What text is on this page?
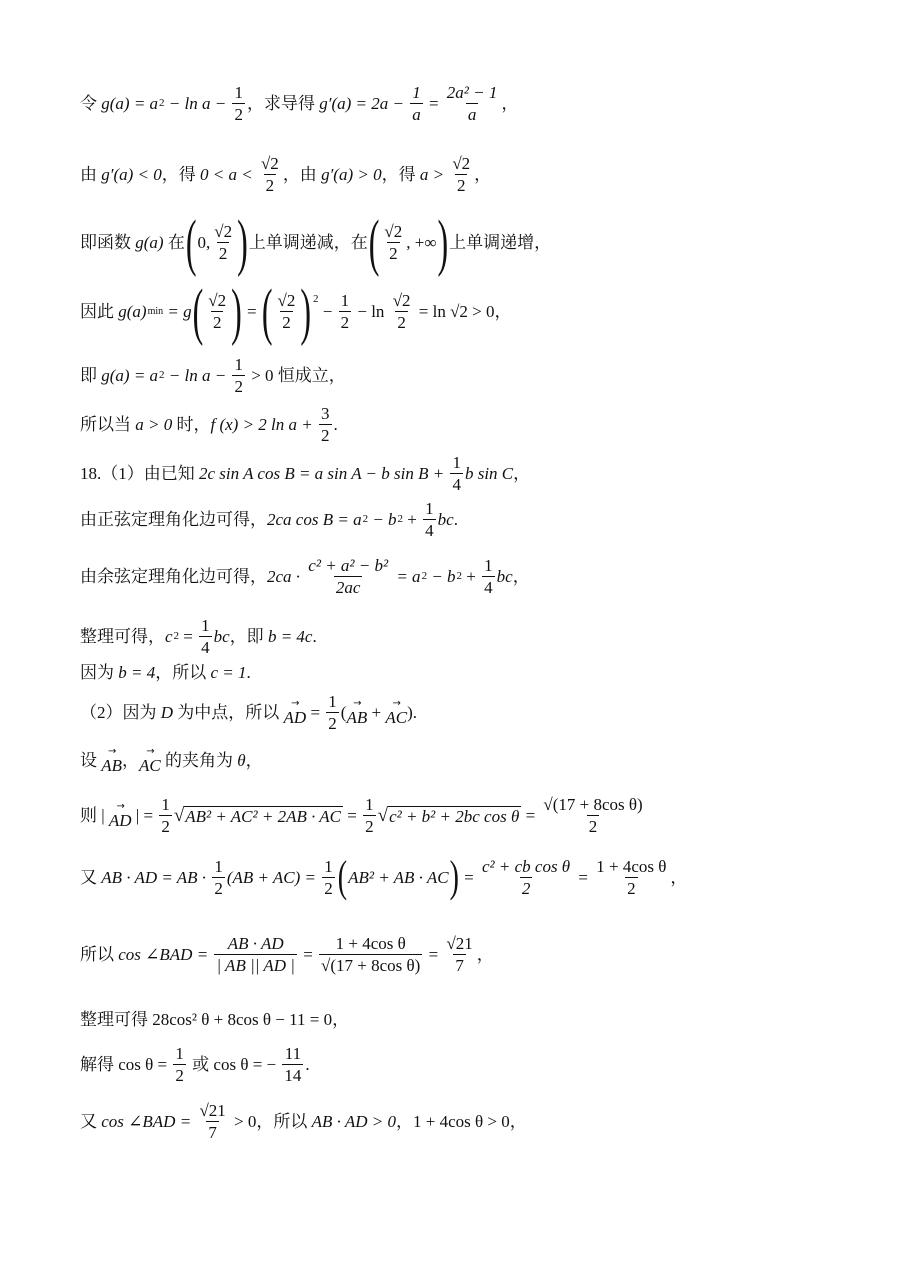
令 g(a) = a $2 - \ln a - \frac{1}{2}$ ，求导得 $g'(a) = 2a - \frac{1}{a} = \frac{\text{2a² − 1}}{a}$ ，
由 g′(a) < 0 ，得 $0 < a < \frac{√2}{2}$ ，由 g′(a) > 0 ，得 $a > \frac{√2}{2}$ ，
即函数 g(a) 在 ( 0, $\frac{√2}{2}$ ) 上单调递减，在 ( $\frac{√2}{2}$ , +∞ ) 上单调递增，
因此 g(a) min = g ( $\frac{√2}{2}$ ) = ( $\frac{√2}{2}$ ) 2
− $\frac{1}{2} - \ln \frac{√2}{2} = \ln √2 > 0$ ，
即 g(a) = a $2 - \ln a - \frac{1}{2} > 0$ 恒成立，
所以当 a > 0 时， f (x) > 2 $\ln a + \frac{3}{2}$ .
18.（1）由已知 2c sin A cos B = a sin A − b $\sin B + \frac{1}{4}$ b sin C ，
由正弦定理角化边可得， 2ca cos B = a 2 − b $2 + \frac{1}{4}$ bc .
由余弦定理角化边可得， $2ca \cdot \frac{\text{c² + a² − b²}}{2ac} = a$ 2 − b $2 + \frac{1}{4}$ bc ，
整理可得， c $2 = \frac{1}{4}$ bc ，即 b = 4c .
因为 b = 4 ，所以 c = 1 .
（2）因为 D 为中点，所以 →
AD = $\frac{1}{2}$ ( →
AB + →
AC ) .
设 →
AB ， →
AC 的夹角为 θ ，
则 | →
AD | = $\frac{1}{2}$ √ AB² + AC² + 2AB · AC = $\frac{1}{2}$ √ c² + b² + 2bc $\cos \theta = \frac{\text{√(17 + 8cos θ)}}{2}$
又 AB · AD = AB · $\frac{1}{2} (AB + AC) = \frac{1}{2}$ ( AB² + AB · AC ) = $\frac{\text{c² + cb cos θ}}{2} = \frac{\text{1 + 4cos θ}}{2}$ ，
所以 cos ∠BAD = $\frac{AB \cdot AD}{| AB || AD |} = \frac{\text{1 + 4cos θ}}{\text{√(17 + 8cos θ)}} = \frac{√21}{7}$ ，
整理可得 28cos² θ + 8cos θ − 11 = 0 ，
解得 $\cos \theta = \frac{1}{2}$ 或 cos θ = − $\frac{11}{14}$ .
又 cos ∠BAD = $\frac{√21}{7} > 0$ ，所以 AB · AD > 0 ， 1 + 4cos θ > 0 ，
